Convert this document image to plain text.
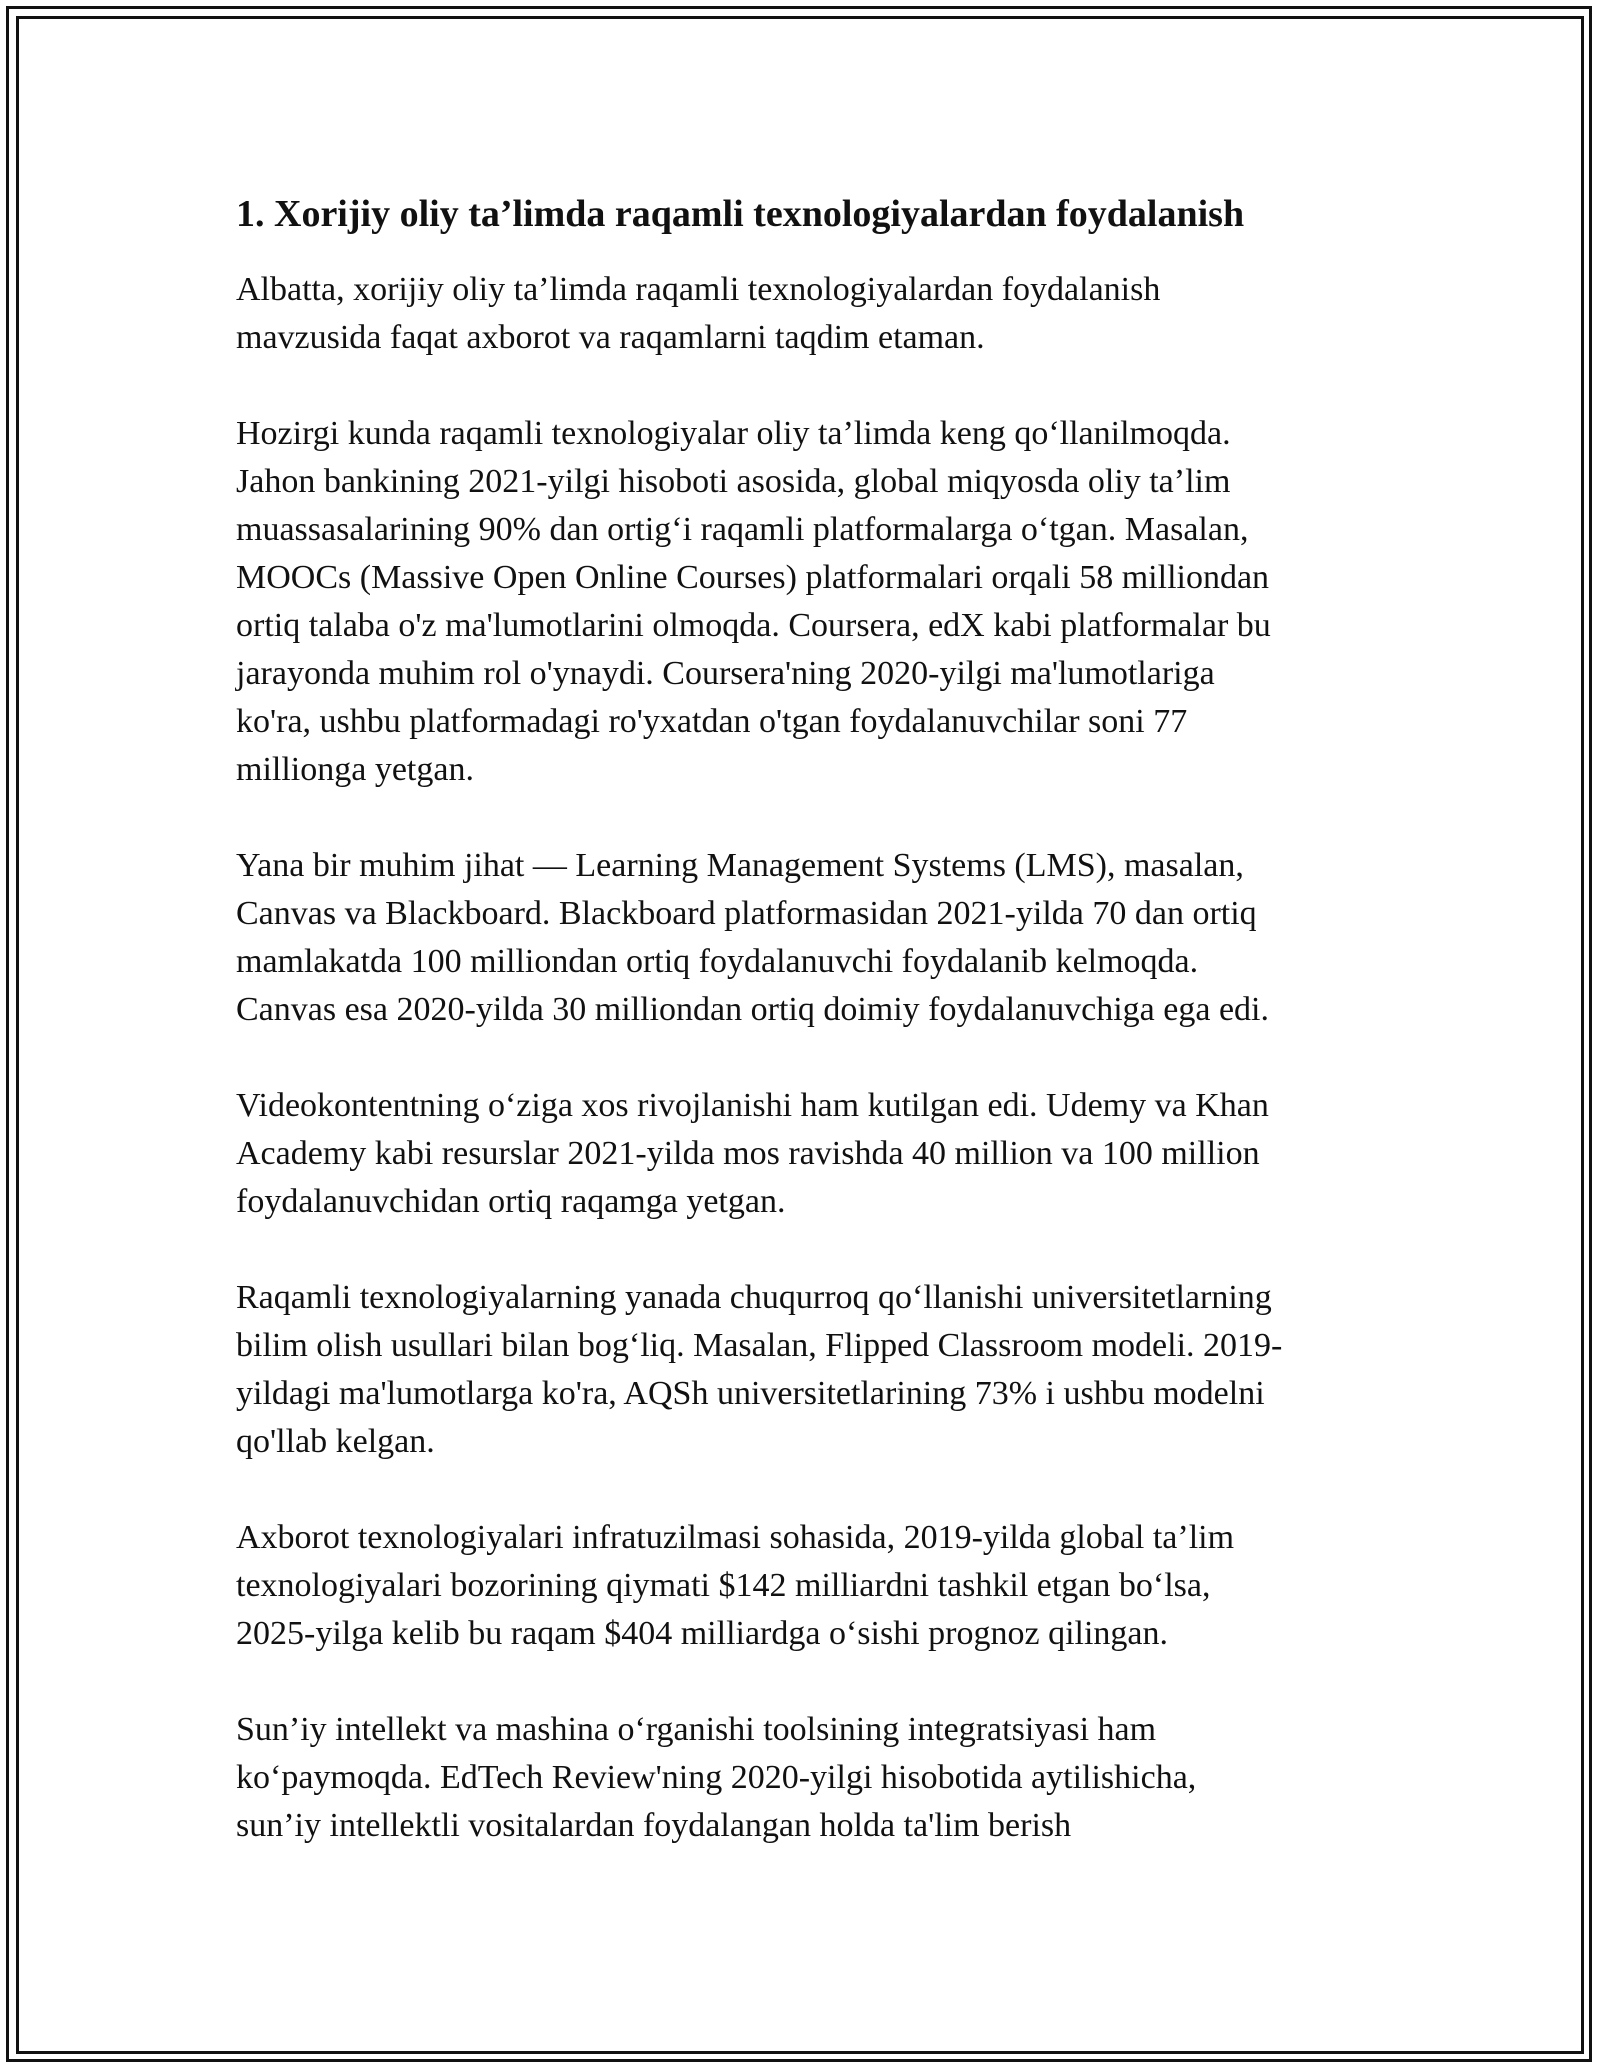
1. Xorijiy oliy ta’limda raqamli texnologiyalardan foydalanish

Albatta, xorijiy oliy ta’limda raqamli texnologiyalardan foydalanish
mavzusida faqat axborot va raqamlarni taqdim etaman.

Hozirgi kunda raqamli texnologiyalar oliy ta’limda keng qo‘llanilmoqda.
Jahon bankining 2021-yilgi hisoboti asosida, global miqyosda oliy ta’lim
muassasalarining 90% dan ortig‘i raqamli platformalarga o‘tgan. Masalan,
MOOCs (Massive Open Online Courses) platformalari orqali 58 milliondan
ortiq talaba o'z ma'lumotlarini olmoqda. Coursera, edX kabi platformalar bu
jarayonda muhim rol o'ynaydi. Coursera'ning 2020-yilgi ma'lumotlariga
ko'ra, ushbu platformadagi ro'yxatdan o'tgan foydalanuvchilar soni 77
millionga yetgan.

Yana bir muhim jihat — Learning Management Systems (LMS), masalan,
Canvas va Blackboard. Blackboard platformasidan 2021-yilda 70 dan ortiq
mamlakatda 100 milliondan ortiq foydalanuvchi foydalanib kelmoqda.
Canvas esa 2020-yilda 30 milliondan ortiq doimiy foydalanuvchiga ega edi.

Videokontentning o‘ziga xos rivojlanishi ham kutilgan edi. Udemy va Khan
Academy kabi resurslar 2021-yilda mos ravishda 40 million va 100 million
foydalanuvchidan ortiq raqamga yetgan.

Raqamli texnologiyalarning yanada chuqurroq qo‘llanishi universitetlarning
bilim olish usullari bilan bog‘liq. Masalan, Flipped Classroom modeli. 2019-
yildagi ma'lumotlarga ko'ra, AQSh universitetlarining 73% i ushbu modelni
qo'llab kelgan.

Axborot texnologiyalari infratuzilmasi sohasida, 2019-yilda global ta’lim
texnologiyalari bozorining qiymati $142 milliardni tashkil etgan bo‘lsa,
2025-yilga kelib bu raqam $404 milliardga o‘sishi prognoz qilingan.

Sun’iy intellekt va mashina o‘rganishi toolsining integratsiyasi ham
ko‘paymoqda. EdTech Review'ning 2020-yilgi hisobotida aytilishicha,
sun’iy intellektli vositalardan foydalangan holda ta'lim berish
